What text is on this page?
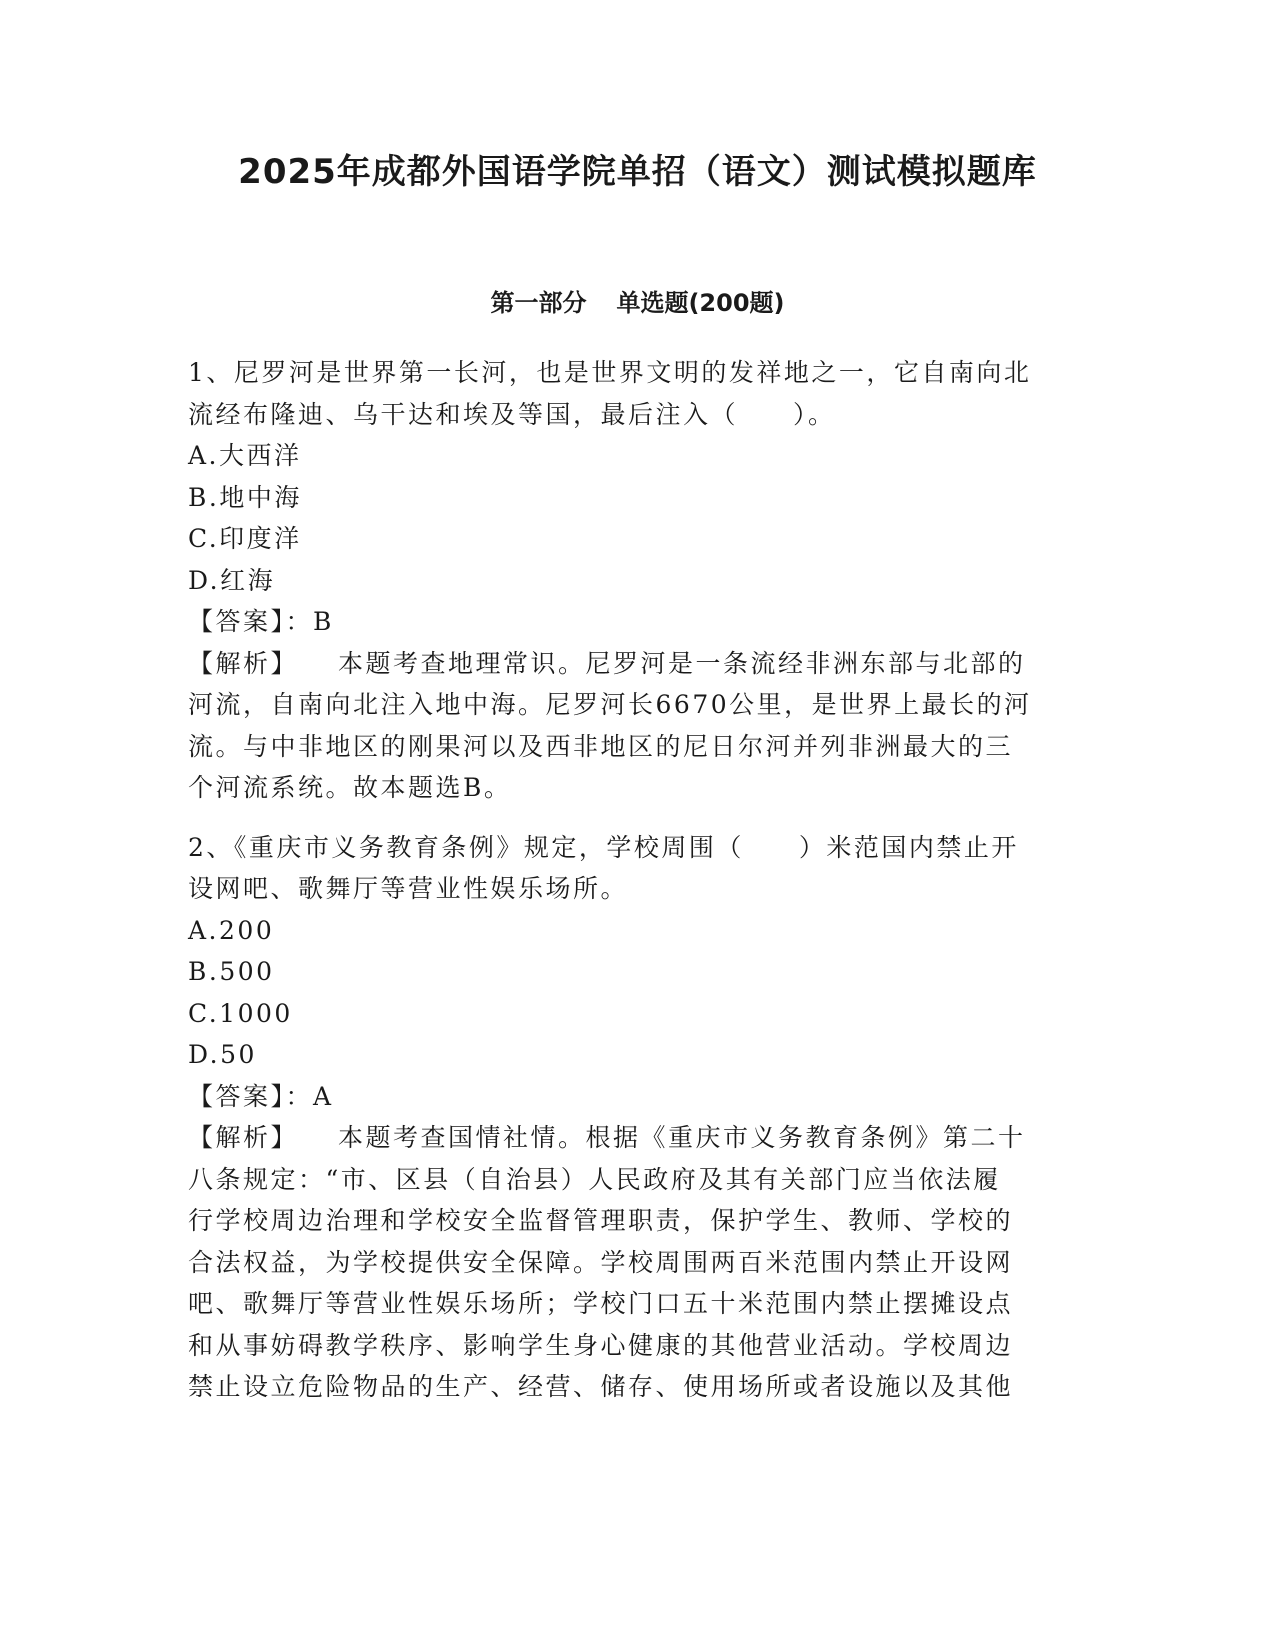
2025年成都外国语学院单招（语文）测试模拟题库
第一部分 单选题(200题)
1、尼罗河是世界第一长河，也是世界文明的发祥地之一，它自南向北
流经布隆迪、乌干达和埃及等国，最后注入（　　）。
A.大西洋
B.地中海
C.印度洋
D.红海
【答案】：B
【解析】 本题考查地理常识。尼罗河是一条流经非洲东部与北部的
河流，自南向北注入地中海。尼罗河长6670公里，是世界上最长的河
流。与中非地区的刚果河以及西非地区的尼日尔河并列非洲最大的三
个河流系统。故本题选B。
2、《重庆市义务教育条例》规定，学校周围（　　）米范国内禁止开
设网吧、歌舞厅等营业性娱乐场所。
A.200
B.500
C.1000
D.50
【答案】：A
【解析】 本题考查国情社情。根据《重庆市义务教育条例》第二十
八条规定：“市、区县（自治县）人民政府及其有关部门应当依法履
行学校周边治理和学校安全监督管理职责，保护学生、教师、学校的
合法权益，为学校提供安全保障。学校周围两百米范围内禁止开设网
吧、歌舞厅等营业性娱乐场所；学校门口五十米范围内禁止摆摊设点
和从事妨碍教学秩序、影响学生身心健康的其他营业活动。学校周边
禁止设立危险物品的生产、经营、储存、使用场所或者设施以及其他
